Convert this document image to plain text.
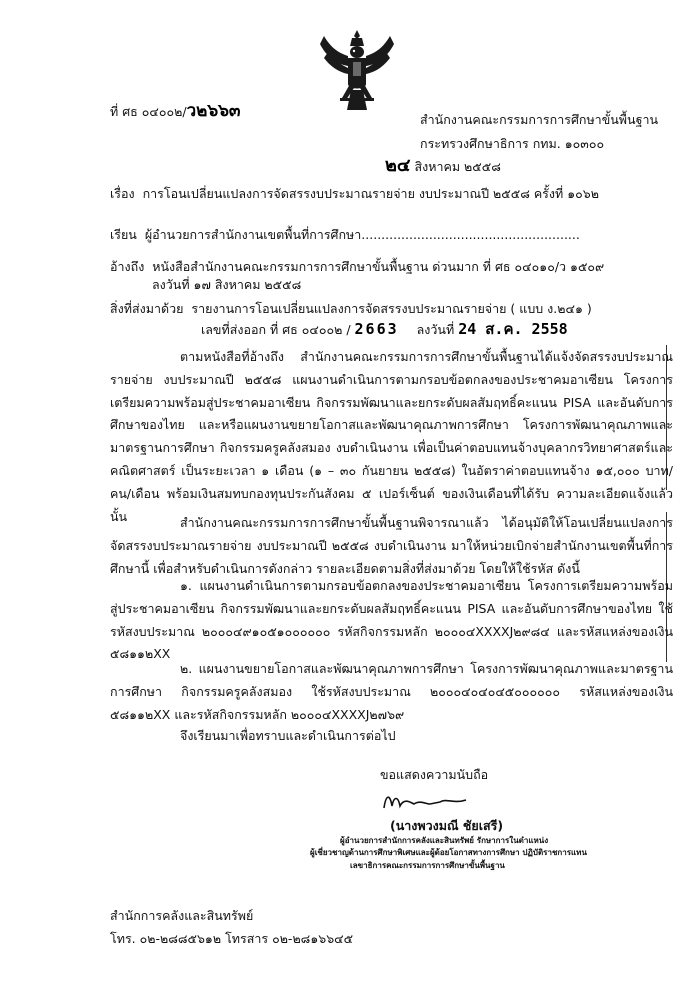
ที่ ศธ ๐๔๐๐๒/ว๒๖๖๓	สำนักงานคณะกรรมการการศึกษาขั้นพื้นฐาน
กระทรวงศึกษาธิการ กทม. ๑๐๓๐๐
๒๔ สิงหาคม ๒๕๕๘
เรื่อง การโอนเปลี่ยนแปลงการจัดสรรงบประมาณรายจ่าย งบประมาณปี ๒๕๕๘ ครั้งที่ ๑๐๖๒
เรียน ผู้อำนวยการสำนักงานเขตพื้นที่การศึกษา.......................................................
อ้างถึง หนังสือสำนักงานคณะกรรมการการศึกษาขั้นพื้นฐาน ด่วนมาก ที่ ศธ ๐๔๐๑๐/ว ๑๕๐๙
ลงวันที่ ๑๗ สิงหาคม ๒๕๕๘
สิ่งที่ส่งมาด้วย รายงานการโอนเปลี่ยนแปลงการจัดสรรงบประมาณรายจ่าย ( แบบ ง.๒๔๑ )
เลขที่ส่งออก ที่ ศธ ๐๔๐๐๒ / 2663 ลงวันที่ 24 ส.ค. 2558
ตามหนังสือที่อ้างถึง สำนักงานคณะกรรมการการศึกษาขั้นพื้นฐานได้แจ้งจัดสรรงบประมาณรายจ่าย งบประมาณปี ๒๕๕๘ แผนงานดำเนินการตามกรอบข้อตกลงของประชาคมอาเซียน โครงการเตรียมความพร้อมสู่ประชาคมอาเซียน กิจกรรมพัฒนาและยกระดับผลสัมฤทธิ์คะแนน PISA และอันดับการศึกษาของไทย และหรือแผนงานขยายโอกาสและพัฒนาคุณภาพการศึกษา โครงการพัฒนาคุณภาพและมาตรฐานการศึกษา กิจกรรมครูคลังสมอง งบดำเนินงาน เพื่อเป็นค่าตอบแทนจ้างบุคลากรวิทยาศาสตร์และคณิตศาสตร์ เป็นระยะเวลา ๑ เดือน (๑ – ๓๐ กันยายน ๒๕๕๘) ในอัตราค่าตอบแทนจ้าง ๑๕,๐๐๐ บาท/คน/เดือน พร้อมเงินสมทบกองทุนประกันสังคม ๕ เปอร์เซ็นต์ ของเงินเดือนที่ได้รับ ความละเอียดแจ้งแล้ว นั้น	สำนักงานคณะกรรมการการศึกษาขั้นพื้นฐานพิจารณาแล้ว ได้อนุมัติให้โอนเปลี่ยนแปลงการจัดสรรงบประมาณรายจ่าย งบประมาณปี ๒๕๕๘ งบดำเนินงาน มาให้หน่วยเบิกจ่ายสำนักงานเขตพื้นที่การศึกษานี้ เพื่อสำหรับดำเนินการดังกล่าว รายละเอียดตามสิ่งที่ส่งมาด้วย โดยให้ใช้รหัส ดังนี้
๑. แผนงานดำเนินการตามกรอบข้อตกลงของประชาคมอาเซียน โครงการเตรียมความพร้อมสู่ประชาคมอาเซียน กิจกรรมพัฒนาและยกระดับผลสัมฤทธิ์คะแนน PISA และอันดับการศึกษาของไทย ใช้รหัสงบประมาณ ๒๐๐๐๔๙๑๐๕๑๐๐๐๐๐๐ รหัสกิจกรรมหลัก ๒๐๐๐๔XXXXJ๒๙๘๔ และรหัสแหล่งของเงิน ๕๘๑๑๒XX
๒. แผนงานขยายโอกาสและพัฒนาคุณภาพการศึกษา โครงการพัฒนาคุณภาพและมาตรฐานการศึกษา กิจกรรมครูคลังสมอง ใช้รหัสงบประมาณ ๒๐๐๐๔๐๔๐๔๕๐๐๐๐๐๐ รหัสแหล่งของเงิน ๕๘๑๑๒XX และรหัสกิจกรรมหลัก ๒๐๐๐๔XXXXJ๒๗๖๙
จึงเรียนมาเพื่อทราบและดำเนินการต่อไป
ขอแสดงความนับถือ
(นางพวงมณี ชัยเสรี)
ผู้อำนวยการสำนักการคลังและสินทรัพย์ รักษาการในตำแหน่ง
ผู้เชี่ยวชาญด้านการศึกษาพิเศษและผู้ด้อยโอกาสทางการศึกษา ปฏิบัติราชการแทน
เลขาธิการคณะกรรมการการศึกษาขั้นพื้นฐาน
สำนักการคลังและสินทรัพย์
โทร. ๐๒-๒๘๘๕๖๑๒ โทรสาร ๐๒-๒๘๑๖๖๔๕
